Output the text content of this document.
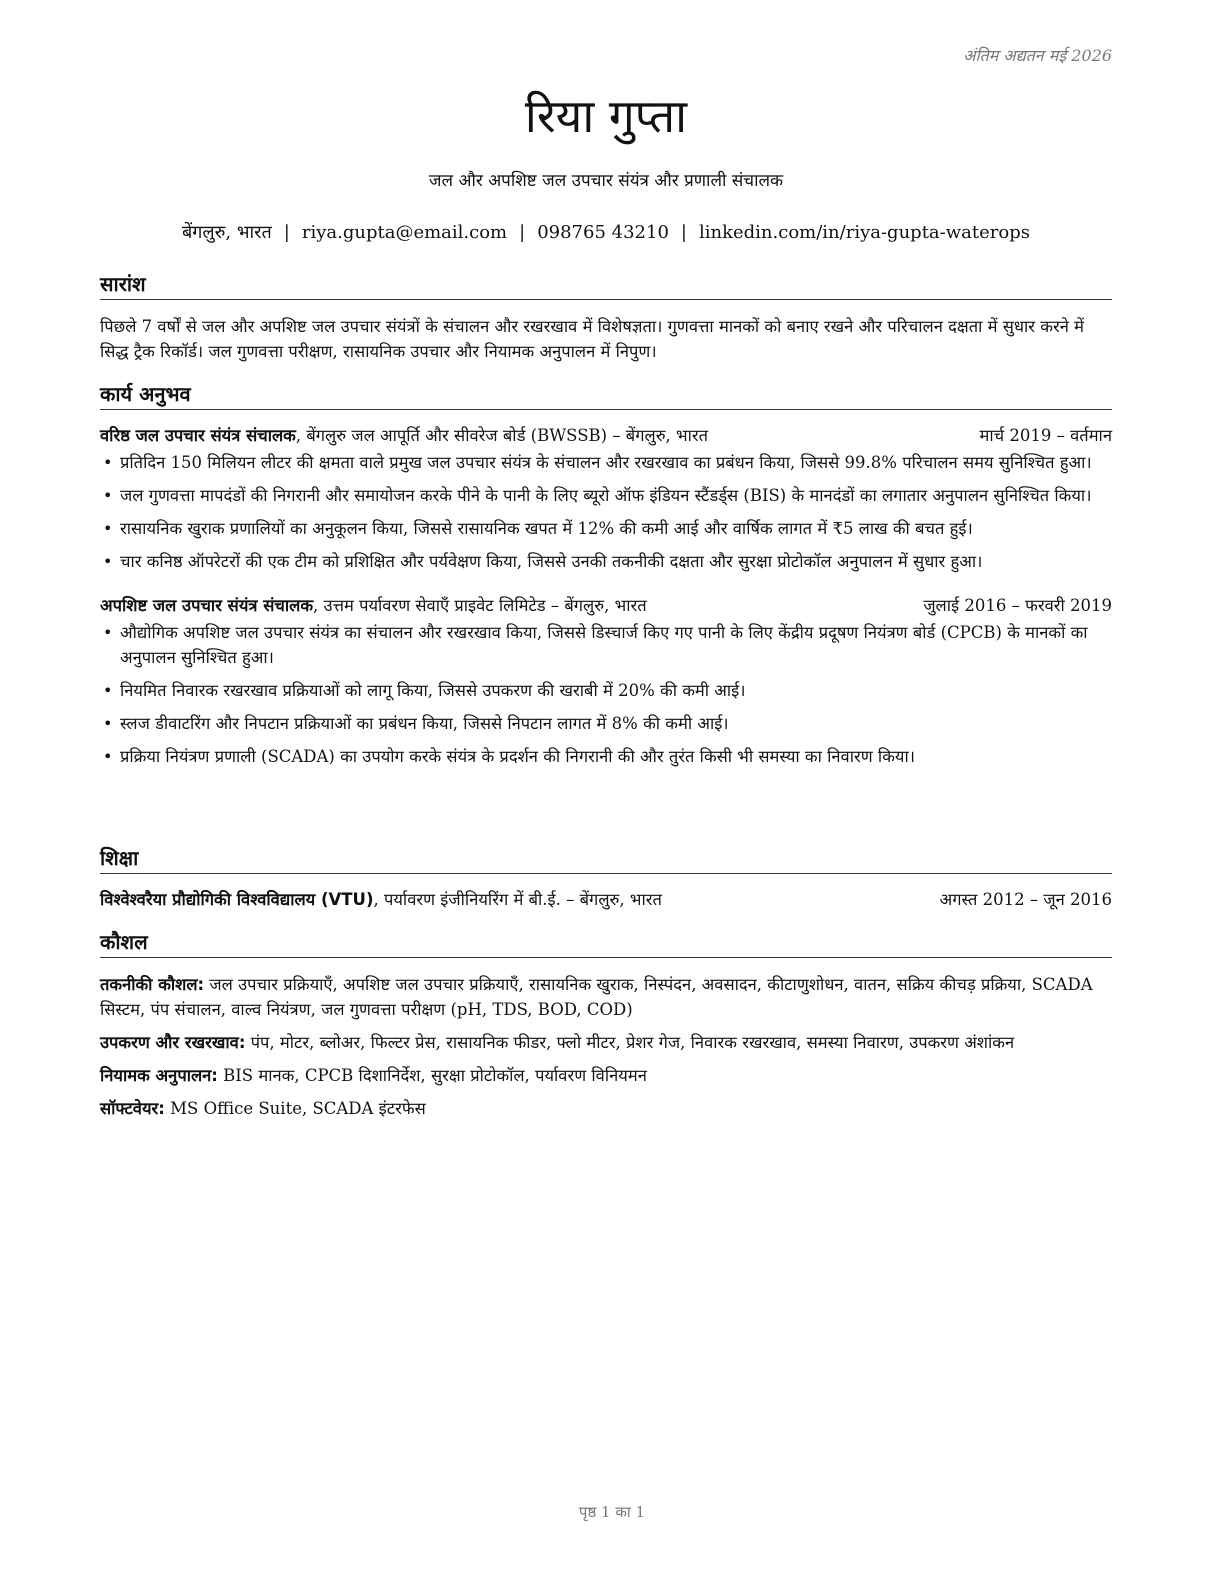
अंतिम अद्यतन मई 2026
रिया गुप्ता
जल और अपशिष्ट जल उपचार संयंत्र और प्रणाली संचालक
बेंगलुरु, भारत | riya.gupta@email.com | 098765 43210 | linkedin.com/in/riya-gupta-waterops
सारांश

पिछले 7 वर्षों से जल और अपशिष्ट जल उपचार संयंत्रों के संचालन और रखरखाव में विशेषज्ञता। गुणवत्ता मानकों को बनाए रखने और परिचालन दक्षता में सुधार करने में सिद्ध ट्रैक रिकॉर्ड। जल गुणवत्ता परीक्षण, रासायनिक उपचार और नियामक अनुपालन में निपुण।

कार्य अनुभव
वरिष्ठ जल उपचार संयंत्र संचालक, बेंगलुरु जल आपूर्ति और सीवरेज बोर्ड (BWSSB) – बेंगलुरु, भारत	मार्च 2019 – वर्तमान
• प्रतिदिन 150 मिलियन लीटर की क्षमता वाले प्रमुख जल उपचार संयंत्र के संचालन और रखरखाव का प्रबंधन किया, जिससे 99.8% परिचालन समय सुनिश्चित हुआ।
• जल गुणवत्ता मापदंडों की निगरानी और समायोजन करके पीने के पानी के लिए ब्यूरो ऑफ इंडियन स्टैंडर्ड्स (BIS) के मानदंडों का लगातार अनुपालन सुनिश्चित किया।
• रासायनिक खुराक प्रणालियों का अनुकूलन किया, जिससे रासायनिक खपत में 12% की कमी आई और वार्षिक लागत में ₹5 लाख की बचत हुई।
• चार कनिष्ठ ऑपरेटरों की एक टीम को प्रशिक्षित और पर्यवेक्षण किया, जिससे उनकी तकनीकी दक्षता और सुरक्षा प्रोटोकॉल अनुपालन में सुधार हुआ।
अपशिष्ट जल उपचार संयंत्र संचालक, उत्तम पर्यावरण सेवाएँ प्राइवेट लिमिटेड – बेंगलुरु, भारत	जुलाई 2016 – फरवरी 2019
• औद्योगिक अपशिष्ट जल उपचार संयंत्र का संचालन और रखरखाव किया, जिससे डिस्चार्ज किए गए पानी के लिए केंद्रीय प्रदूषण नियंत्रण बोर्ड (CPCB) के मानकों का अनुपालन सुनिश्चित हुआ।
• नियमित निवारक रखरखाव प्रक्रियाओं को लागू किया, जिससे उपकरण की खराबी में 20% की कमी आई।
• स्लज डीवाटरिंग और निपटान प्रक्रियाओं का प्रबंधन किया, जिससे निपटान लागत में 8% की कमी आई।
• प्रक्रिया नियंत्रण प्रणाली (SCADA) का उपयोग करके संयंत्र के प्रदर्शन की निगरानी की और तुरंत किसी भी समस्या का निवारण किया।
शिक्षा
विश्वेश्वरैया प्रौद्योगिकी विश्वविद्यालय (VTU), पर्यावरण इंजीनियरिंग में बी.ई. – बेंगलुरु, भारत	अगस्त 2012 – जून 2016
कौशल
तकनीकी कौशल: जल उपचार प्रक्रियाएँ, अपशिष्ट जल उपचार प्रक्रियाएँ, रासायनिक खुराक, निस्पंदन, अवसादन, कीटाणुशोधन, वातन, सक्रिय कीचड़ प्रक्रिया, SCADA सिस्टम, पंप संचालन, वाल्व नियंत्रण, जल गुणवत्ता परीक्षण (pH, TDS, BOD, COD)
उपकरण और रखरखाव: पंप, मोटर, ब्लोअर, फिल्टर प्रेस, रासायनिक फीडर, फ्लो मीटर, प्रेशर गेज, निवारक रखरखाव, समस्या निवारण, उपकरण अंशांकन
नियामक अनुपालन: BIS मानक, CPCB दिशानिर्देश, सुरक्षा प्रोटोकॉल, पर्यावरण विनियमन
सॉफ्टवेयर: MS Office Suite, SCADA इंटरफेस
पृष्ठ 1 का 1
